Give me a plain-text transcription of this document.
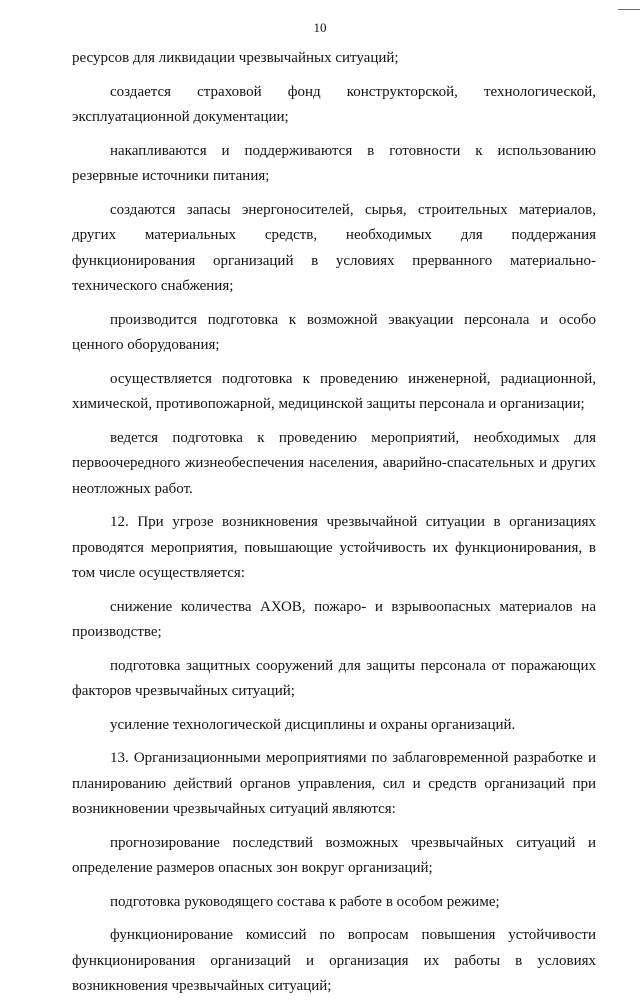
10

ресурсов для ликвидации чрезвычайных ситуаций;

создается страховой фонд конструкторской, технологической, эксплуатационной документации;

накапливаются и поддерживаются в готовности к использованию резервные источники питания;

создаются запасы энергоносителей, сырья, строительных материалов, других материальных средств, необходимых для поддержания функционирования организаций в условиях прерванного материально-технического снабжения;

производится подготовка к возможной эвакуации персонала и особо ценного оборудования;

осуществляется подготовка к проведению инженерной, радиационной, химической, противопожарной, медицинской защиты персонала и организации;

ведется подготовка к проведению мероприятий, необходимых для первоочередного жизнеобеспечения населения, аварийно-спасательных и других неотложных работ.

12. При угрозе возникновения чрезвычайной ситуации в организациях проводятся мероприятия, повышающие устойчивость их функционирования, в том числе осуществляется:

снижение количества АХОВ, пожаро- и взрывоопасных материалов на производстве;

подготовка защитных сооружений для защиты персонала от поражающих факторов чрезвычайных ситуаций;

усиление технологической дисциплины и охраны организаций.

13. Организационными мероприятиями по заблаговременной разработке и планированию действий органов управления, сил и средств организаций при возникновении чрезвычайных ситуаций являются:

прогнозирование последствий возможных чрезвычайных ситуаций и определение размеров опасных зон вокруг организаций;

подготовка руководящего состава к работе в особом режиме;

функционирование комиссий по вопросам повышения устойчивости функционирования организаций и организация их работы в условиях возникновения чрезвычайных ситуаций;
